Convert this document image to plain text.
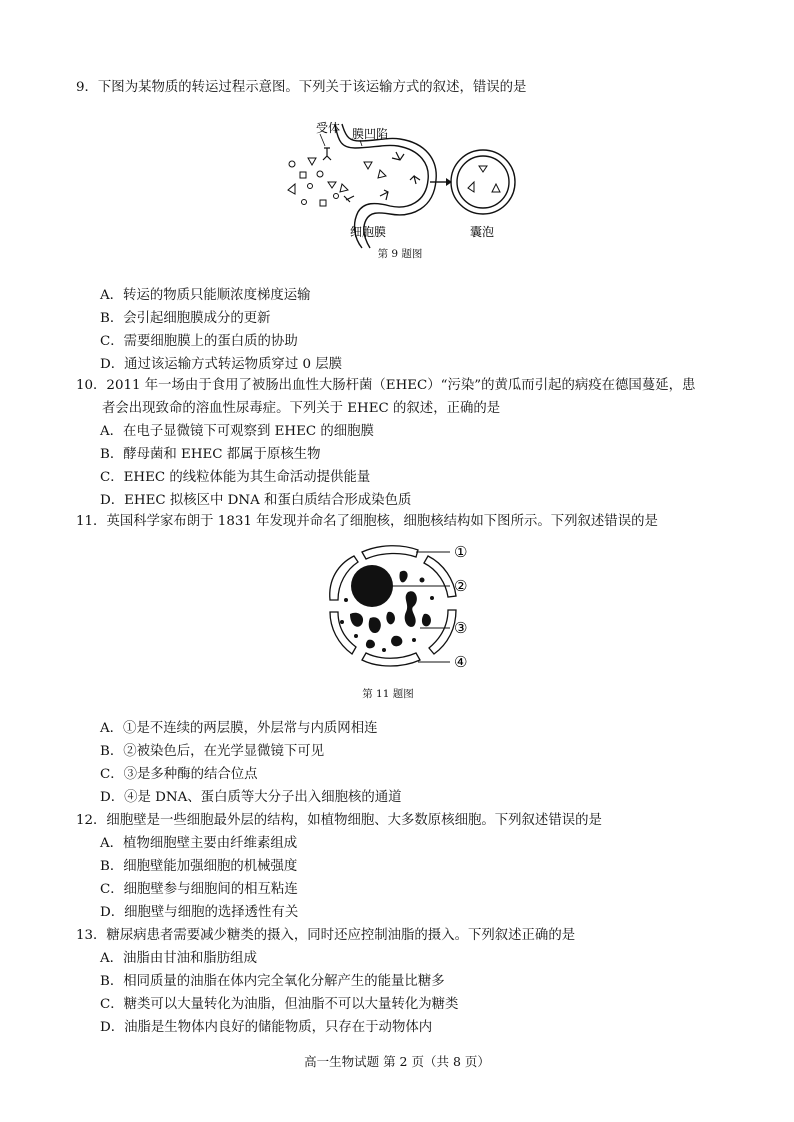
9．下图为某物质的转运过程示意图。下列关于该运输方式的叙述，错误的是
受体 膜凹陷
细胞膜	囊泡
第 9 题图
A．转运的物质只能顺浓度梯度运输
B．会引起细胞膜成分的更新
C．需要细胞膜上的蛋白质的协助
D．通过该运输方式转运物质穿过 0 层膜
10．2011 年一场由于食用了被肠出血性大肠杆菌（EHEC）“污染”的黄瓜而引起的病疫在德国蔓延，患
者会出现致命的溶血性尿毒症。下列关于 EHEC 的叙述，正确的是
A．在电子显微镜下可观察到 EHEC 的细胞膜
B．酵母菌和 EHEC 都属于原核生物
C．EHEC 的线粒体能为其生命活动提供能量
D．EHEC 拟核区中 DNA 和蛋白质结合形成染色质
11．英国科学家布朗于 1831 年发现并命名了细胞核，细胞核结构如下图所示。下列叙述错误的是
①
②
③
④
第 11 题图
A．①是不连续的两层膜，外层常与内质网相连
B．②被染色后，在光学显微镜下可见
C．③是多种酶的结合位点
D．④是 DNA、蛋白质等大分子出入细胞核的通道
12．细胞壁是一些细胞最外层的结构，如植物细胞、大多数原核细胞。下列叙述错误的是
A．植物细胞壁主要由纤维素组成
B．细胞壁能加强细胞的机械强度
C．细胞壁参与细胞间的相互粘连
D．细胞壁与细胞的选择透性有关
13．糖尿病患者需要减少糖类的摄入，同时还应控制油脂的摄入。下列叙述正确的是
A．油脂由甘油和脂肪组成
B．相同质量的油脂在体内完全氧化分解产生的能量比糖多
C．糖类可以大量转化为油脂，但油脂不可以大量转化为糖类
D．油脂是生物体内良好的储能物质，只存在于动物体内
高一生物试题 第 2 页（共 8 页）
